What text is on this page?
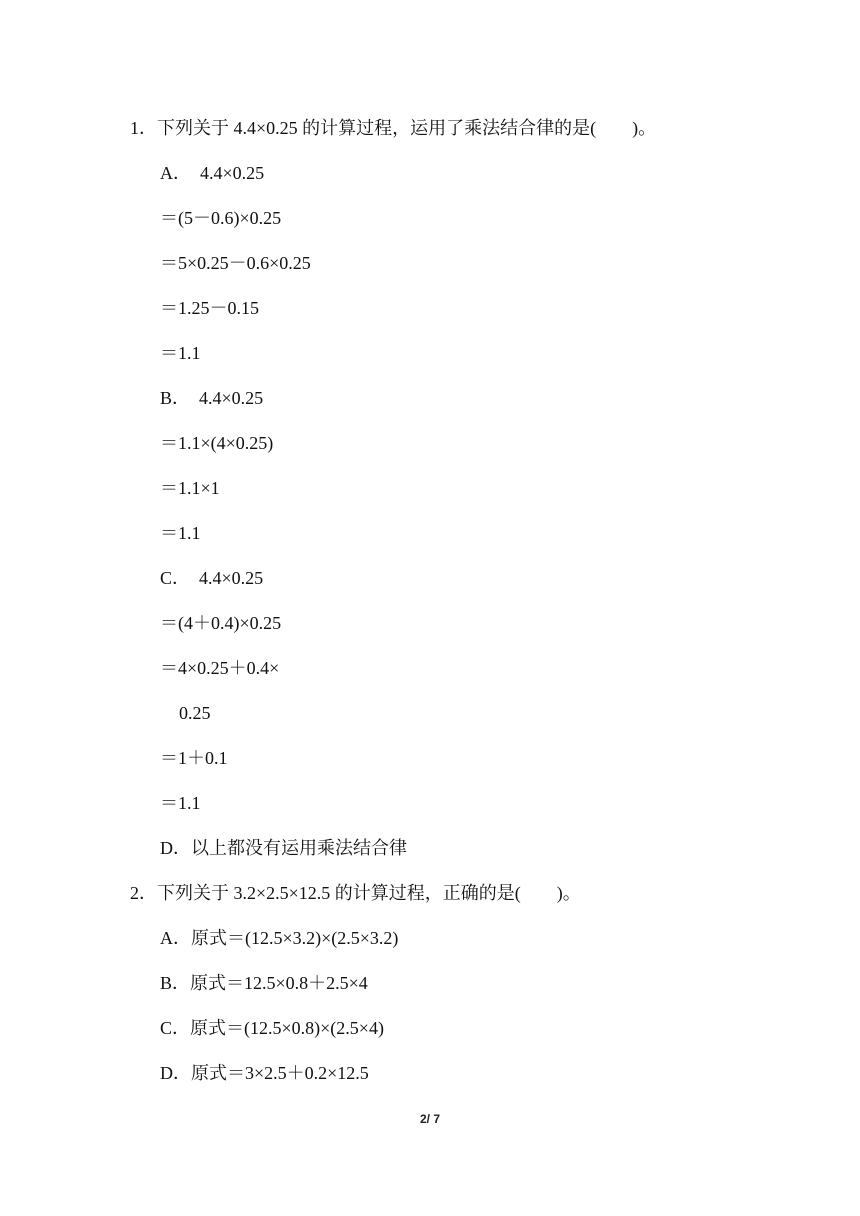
1．下列关于 4.4×0.25 的计算过程，运用了乘法结合律的是(　　)。
A．　4.4×0.25
＝(5－0.6)×0.25
＝5×0.25－0.6×0.25
＝1.25－0.15
＝1.1
B．　4.4×0.25
＝1.1×(4×0.25)
＝1.1×1
＝1.1
C．　4.4×0.25
＝(4＋0.4)×0.25
＝4×0.25＋0.4×
0.25
＝1＋0.1
＝1.1
D．以上都没有运用乘法结合律
2．下列关于 3.2×2.5×12.5 的计算过程，正确的是(　　)。
A．原式＝(12.5×3.2)×(2.5×3.2)
B．原式＝12.5×0.8＋2.5×4
C．原式＝(12.5×0.8)×(2.5×4)
D．原式＝3×2.5＋0.2×12.5
2/ 7
